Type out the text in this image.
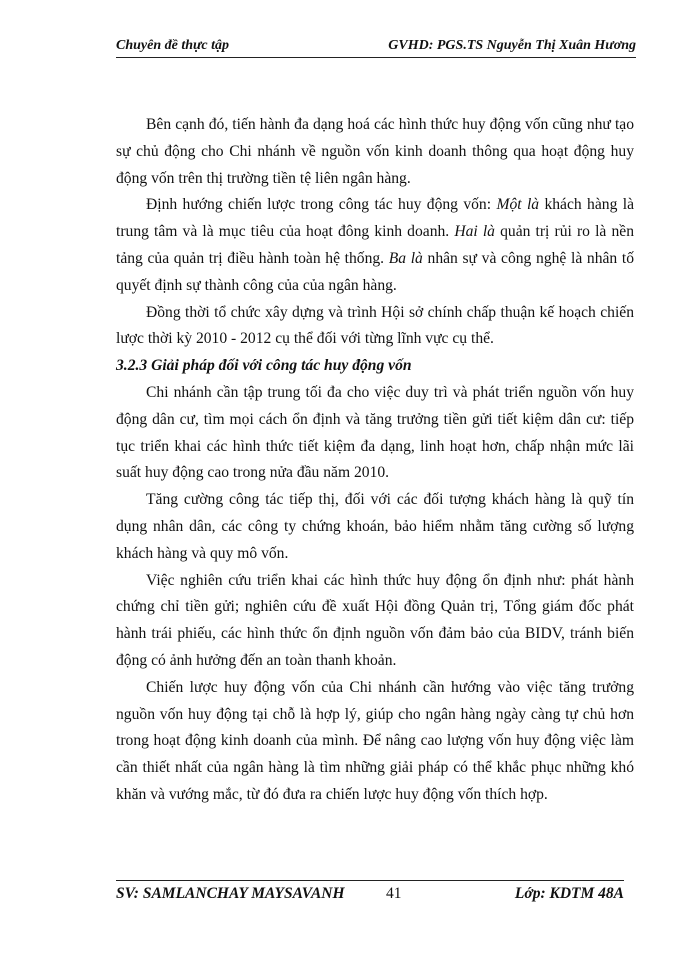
Chuyên đề thực tập	GVHD: PGS.TS Nguyễn Thị Xuân Hương

Bên cạnh đó, tiến hành đa dạng hoá các hình thức huy động vốn cũng như tạo sự chủ động cho Chi nhánh về nguồn vốn kinh doanh thông qua hoạt động huy động vốn trên thị trường tiền tệ liên ngân hàng.

Định hướng chiến lược trong công tác huy động vốn: Một là khách hàng là trung tâm và là mục tiêu của hoạt đông kinh doanh. Hai là quản trị rủi ro là nền tảng của quản trị điều hành toàn hệ thống. Ba là nhân sự và công nghệ là nhân tố quyết định sự thành công của của ngân hàng.

Đồng thời tổ chức xây dựng và trình Hội sở chính chấp thuận kế hoạch chiến lược thời kỳ 2010 - 2012 cụ thể đối với từng lĩnh vực cụ thể.

3.2.3 Giải pháp đối với công tác huy động vốn

Chi nhánh cần tập trung tối đa cho việc duy trì và phát triển nguồn vốn huy động dân cư, tìm mọi cách ổn định và tăng trưởng tiền gửi tiết kiệm dân cư: tiếp tục triển khai các hình thức tiết kiệm đa dạng, linh hoạt hơn, chấp nhận mức lãi suất huy động cao trong nửa đầu năm 2010.

Tăng cường công tác tiếp thị, đối với các đối tượng khách hàng là quỹ tín dụng nhân dân, các công ty chứng khoán, bảo hiểm nhằm tăng cường số lượng khách hàng và quy mô vốn.

Việc nghiên cứu triển khai các hình thức huy động ổn định như: phát hành chứng chỉ tiền gửi; nghiên cứu đề xuất Hội đồng Quản trị, Tổng giám đốc phát hành trái phiếu, các hình thức ổn định nguồn vốn đảm bảo của BIDV, tránh biến động có ảnh hưởng đến an toàn thanh khoản.

Chiến lược huy động vốn của Chi nhánh cần hướng vào việc tăng trưởng nguồn vốn huy động tại chỗ là hợp lý, giúp cho ngân hàng ngày càng tự chủ hơn trong hoạt động kinh doanh của mình. Để nâng cao lượng vốn huy động việc làm cần thiết nhất của ngân hàng là tìm những giải pháp có thể khắc phục những khó khăn và vướng mắc, từ đó đưa ra chiến lược huy động vốn thích hợp.

SV: SAMLANCHAY MAYSAVANH	41	Lớp: KDTM 48A
